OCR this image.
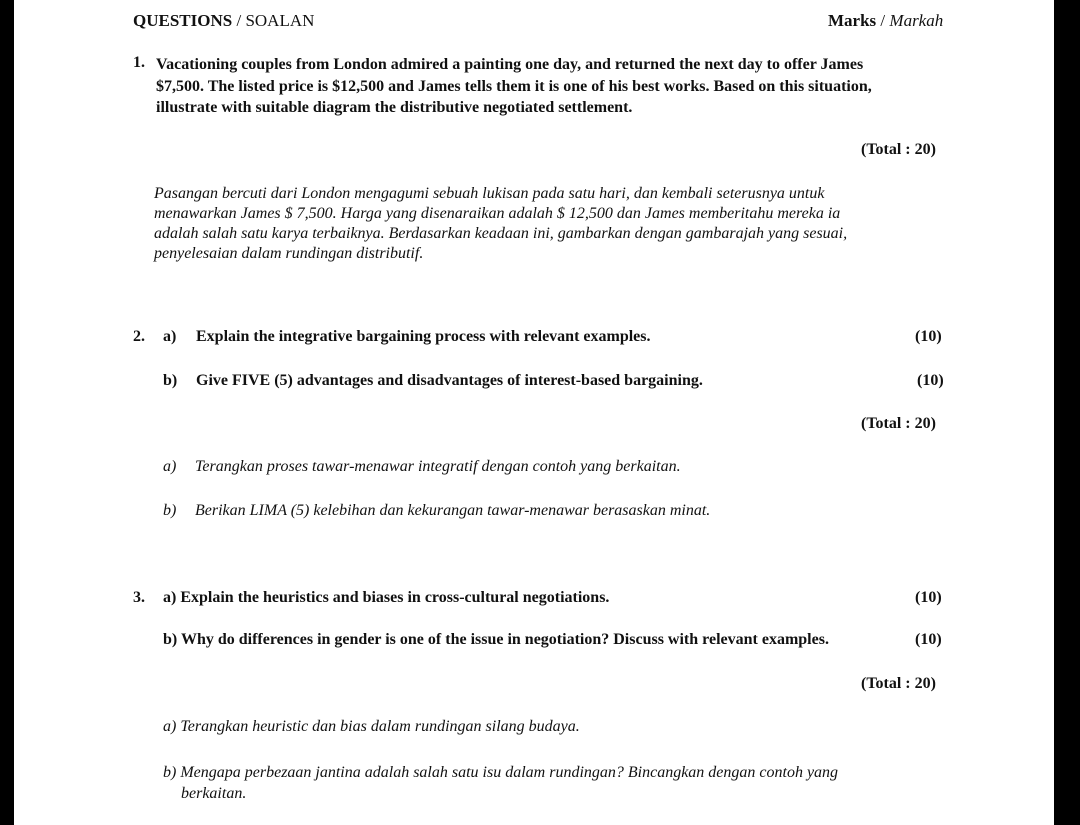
QUESTIONS / SOALAN	Marks / Markah
1. Vacationing couples from London admired a painting one day, and returned the next day to offer James
$7,500. The listed price is $12,500 and James tells them it is one of his best works. Based on this situation,
illustrate with suitable diagram the distributive negotiated settlement.
(Total : 20)
Pasangan bercuti dari London mengagumi sebuah lukisan pada satu hari, dan kembali seterusnya untuk
menawarkan James $ 7,500. Harga yang disenaraikan adalah $ 12,500 dan James memberitahu mereka ia
adalah salah satu karya terbaiknya. Berdasarkan keadaan ini, gambarkan dengan gambarajah yang sesuai,
penyelesaian dalam rundingan distributif.
2. a) Explain the integrative bargaining process with relevant examples.	(10)
b) Give FIVE (5) advantages and disadvantages of interest-based bargaining.	(10)
(Total : 20)
a) Terangkan proses tawar-menawar integratif dengan contoh yang berkaitan.
b) Berikan LIMA (5) kelebihan dan kekurangan tawar-menawar berasaskan minat.
3. a) Explain the heuristics and biases in cross-cultural negotiations.	(10)
b) Why do differences in gender is one of the issue in negotiation? Discuss with relevant examples.	(10)
(Total : 20)
a) Terangkan heuristic dan bias dalam rundingan silang budaya.
b) Mengapa perbezaan jantina adalah salah satu isu dalam rundingan? Bincangkan dengan contoh yang
berkaitan.
